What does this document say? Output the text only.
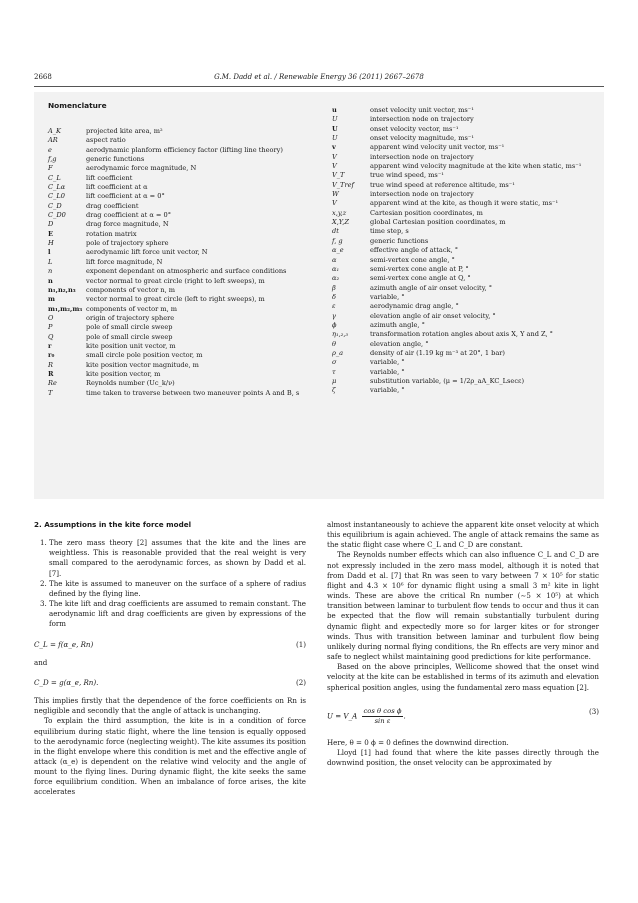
2668	G.M. Dadd et al. / Renewable Energy 36 (2011) 2667–2678
Nomenclature
A_K	projected kite area, m²
AR	aspect ratio
e	aerodynamic planform efficiency factor (lifting line theory)
f,g	generic functions
F	aerodynamic force magnitude, N
C_L	lift coefficient
C_Lα	lift coefficient at α
C_L0	lift coefficient at α = 0°
C_D	drag coefficient
C_D0	drag coefficient at α = 0°
D	drag force magnitude, N
E	rotation matrix
H	pole of trajectory sphere
l	aerodynamic lift force unit vector, N
L	lift force magnitude, N
n	exponent dependant on atmospheric and surface conditions
n	vector normal to great circle (right to left sweeps), m
n₁,n₂,n₃	components of vector n, m
m	vector normal to great circle (left to right sweeps), m
m₁,m₂,m₃ components of vector m, m
O	origin of trajectory sphere
P	pole of small circle sweep
Q	pole of small circle sweep
r	kite position unit vector, m
r₀	small circle pole position vector, m
R	kite position vector magnitude, m
R	kite position vector, m
Re	Reynolds number (Uc_k/ν)
T	time taken to traverse between two maneuver points A and B, s
u	onset velocity unit vector, ms⁻¹
U	intersection node on trajectory
U	onset velocity vector, ms⁻¹
U	onset velocity magnitude, ms⁻¹
v	apparent wind velocity unit vector, ms⁻¹
V	intersection node on trajectory
V	apparent wind velocity magnitude at the kite when static, ms⁻¹
V_T	true wind speed, ms⁻¹
V_Tref	true wind speed at reference altitude, ms⁻¹
W	intersection node on trajectory
V	apparent wind at the kite, as though it were static, ms⁻¹
x,y,z	Cartesian position coordinates, m
X,Y,Z	global Cartesian position coordinates, m
dt	time step, s
f, g	generic functions
α_e	effective angle of attack, °
α	semi-vertex cone angle, °
α₁	semi-vertex cone angle at P, °
α₂	semi-vertex cone angle at Q, °
β	azimuth angle of air onset velocity, °
δ	variable, °
ε	aerodynamic drag angle, °
γ	elevation angle of air onset velocity, °
ϕ	azimuth angle, °
η₁,₂,₃	transformation rotation angles about axis X, Y and Z, °
θ	elevation angle, °
ρ_a	density of air (1.19 kg m⁻³ at 20°, 1 bar)
σ	variable, °
τ	variable, °
μ	substitution variable, (μ = 1/2ρ_aA_KC_Lsecε)
ζ	variable, °
2. Assumptions in the kite force model
1. The zero mass theory [2] assumes that the kite and the lines are weightless. This is reasonable provided that the real weight is very small compared to the aerodynamic forces, as shown by Dadd et al. [7].
2. The kite is assumed to maneuver on the surface of a sphere of radius defined by the flying line.
3. The kite lift and drag coefficients are assumed to remain constant. The aerodynamic lift and drag coefficients are given by expressions of the form
C_L = f(α_e, Rn)	(1)

and

C_D = g(α_e, Rn).	(2)

This implies firstly that the dependence of the force coefficients on Rn is negligible and secondly that the angle of attack is unchanging.

To explain the third assumption, the kite is in a condition of force equilibrium during static flight, where the line tension is equally opposed to the aerodynamic force (neglecting weight). The kite assumes its position in the flight envelope where this condition is met and the effective angle of attack (α_e) is dependent on the relative wind velocity and the angle of mount to the flying lines. During dynamic flight, the kite seeks the same force equilibrium condition. When an imbalance of force arises, the kite accelerates

almost instantaneously to achieve the apparent kite onset velocity at which this equilibrium is again achieved. The angle of attack remains the same as the static flight case where C_L and C_D are constant.

The Reynolds number effects which can also influence C_L and C_D are not expressly included in the zero mass model, although it is noted that from Dadd et al. [7] that Rn was seen to vary between 7 × 10⁵ for static flight and 4.3 × 10⁶ for dynamic flight using a small 3 m² kite in light winds. These are above the critical Rn number (∼5 × 10⁵) at which transition between laminar to turbulent flow tends to occur and thus it can be expected that the flow will remain substantially turbulent during dynamic flight and expectedly more so for larger kites or for stronger winds. Thus with transition between laminar and turbulent flow being unlikely during normal flying conditions, the Rn effects are very minor and safe to neglect whilst maintaining good predictions for kite performance.

Based on the above principles, Wellicome showed that the onset wind velocity at the kite can be established in terms of its azimuth and elevation spherical position angles, using the fundamental zero mass equation [2].

U = V_A $\frac{\text{cos θ cos ϕ}}{\text{sin ε}}$ .	(3)

Here, θ = 0 ϕ = 0 defines the downwind direction.

Lloyd [1] had found that where the kite passes directly through the downwind position, the onset velocity can be approximated by
